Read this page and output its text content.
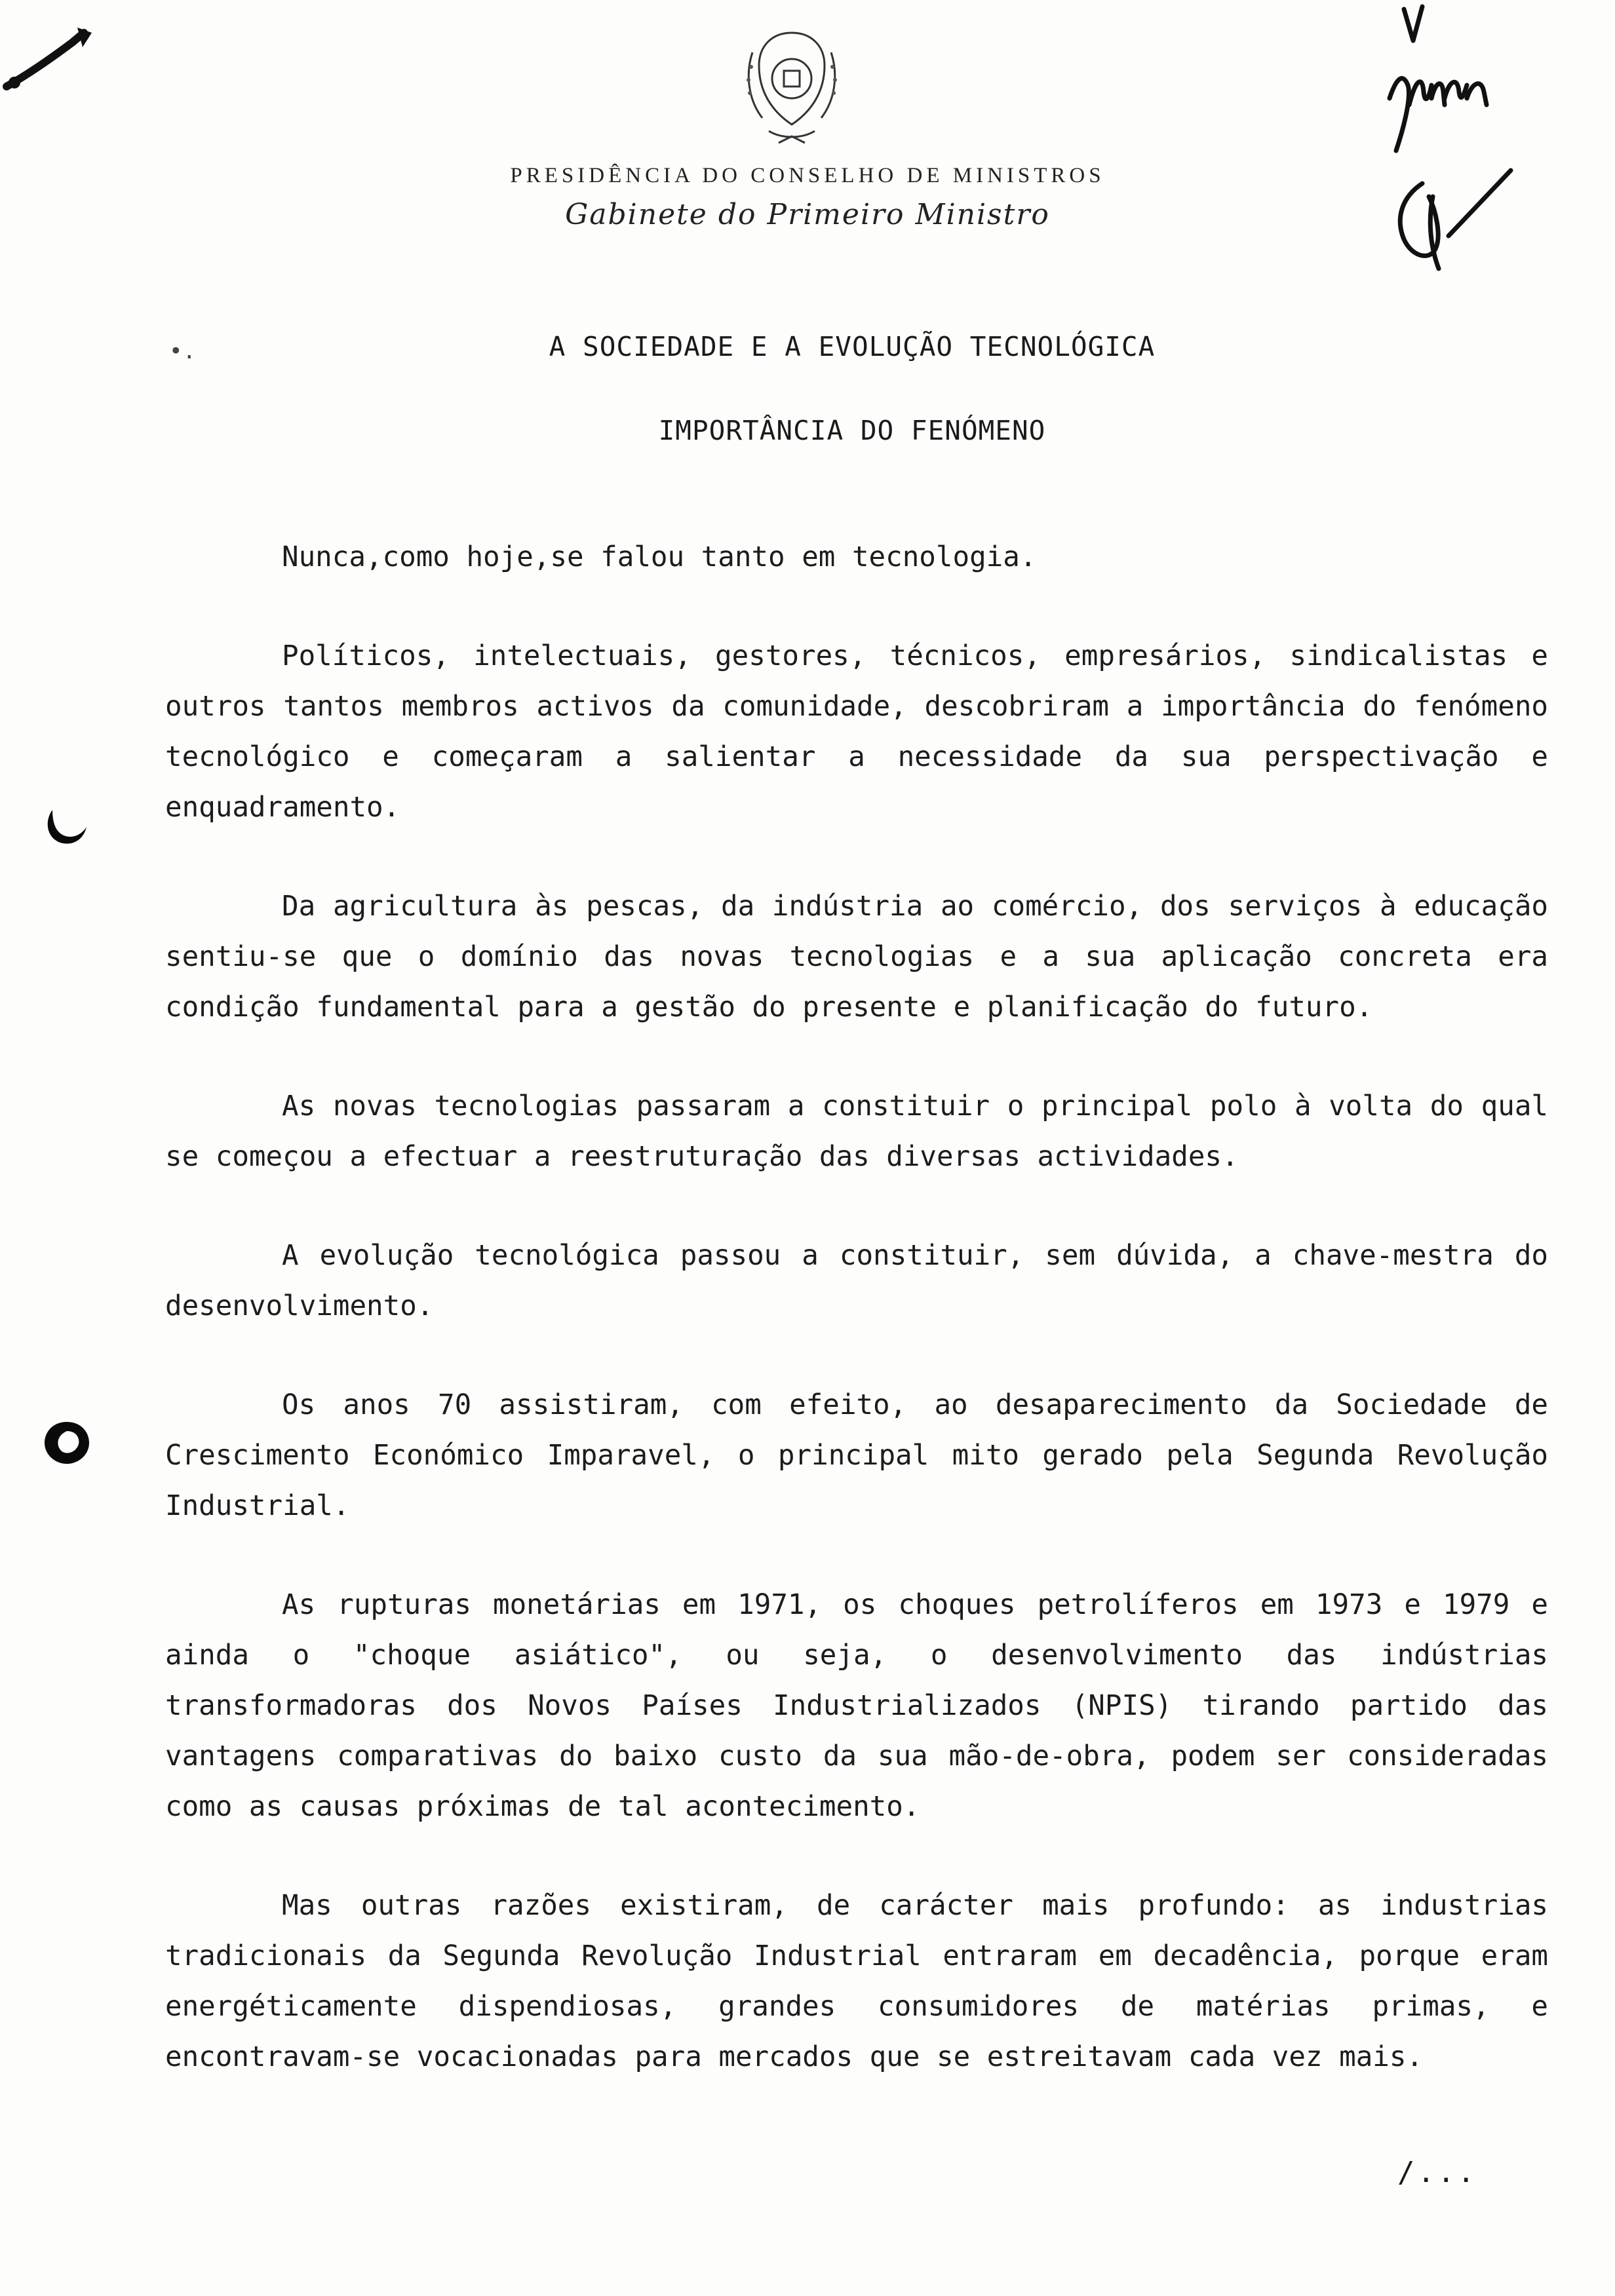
PRESIDÊNCIA DO CONSELHO DE MINISTROS
Gabinete do Primeiro Ministro
•.	A SOCIEDADE E A EVOLUÇÃO TECNOLÓGICA
IMPORTÂNCIA DO FENÓMENO

Nunca,como hoje,se falou tanto em tecnologia.

Políticos, intelectuais, gestores, técnicos, empresários, sindicalistas e outros tantos membros activos da comunidade, descobriram a importância do fenómeno tecnológico e começaram a salientar a necessidade da sua perspectivação e enquadramento.

Da agricultura às pescas, da indústria ao comércio, dos serviços à educação sentiu-se que o domínio das novas tecnologias e a sua aplicação concreta era condição fundamental para a gestão do presente e planificação do futuro.

As novas tecnologias passaram a constituir o principal polo à volta do qual se começou a efectuar a reestruturação das diversas actividades.

A evolução tecnológica passou a constituir, sem dúvida, a chave-mestra do desenvolvimento.

Os anos 70 assistiram, com efeito, ao desaparecimento da Sociedade de Crescimento Económico Imparavel, o principal mito gerado pela Segunda Revolução Industrial.

As rupturas monetárias em 1971, os choques petrolíferos em 1973 e 1979 e ainda o "choque asiático", ou seja, o desenvolvimento das indústrias transformadoras dos Novos Países Industrializados (NPIS) tirando partido das vantagens comparativas do baixo custo da sua mão-de-obra, podem ser consideradas como as causas próximas de tal acontecimento.

Mas outras razões existiram, de carácter mais profundo: as industrias tradicionais da Segunda Revolução Industrial entraram em decadência, porque eram energéticamente dispendiosas, grandes consumidores de matérias primas, e encontravam-se vocacionadas para mercados que se estreitavam cada vez mais.

/...
